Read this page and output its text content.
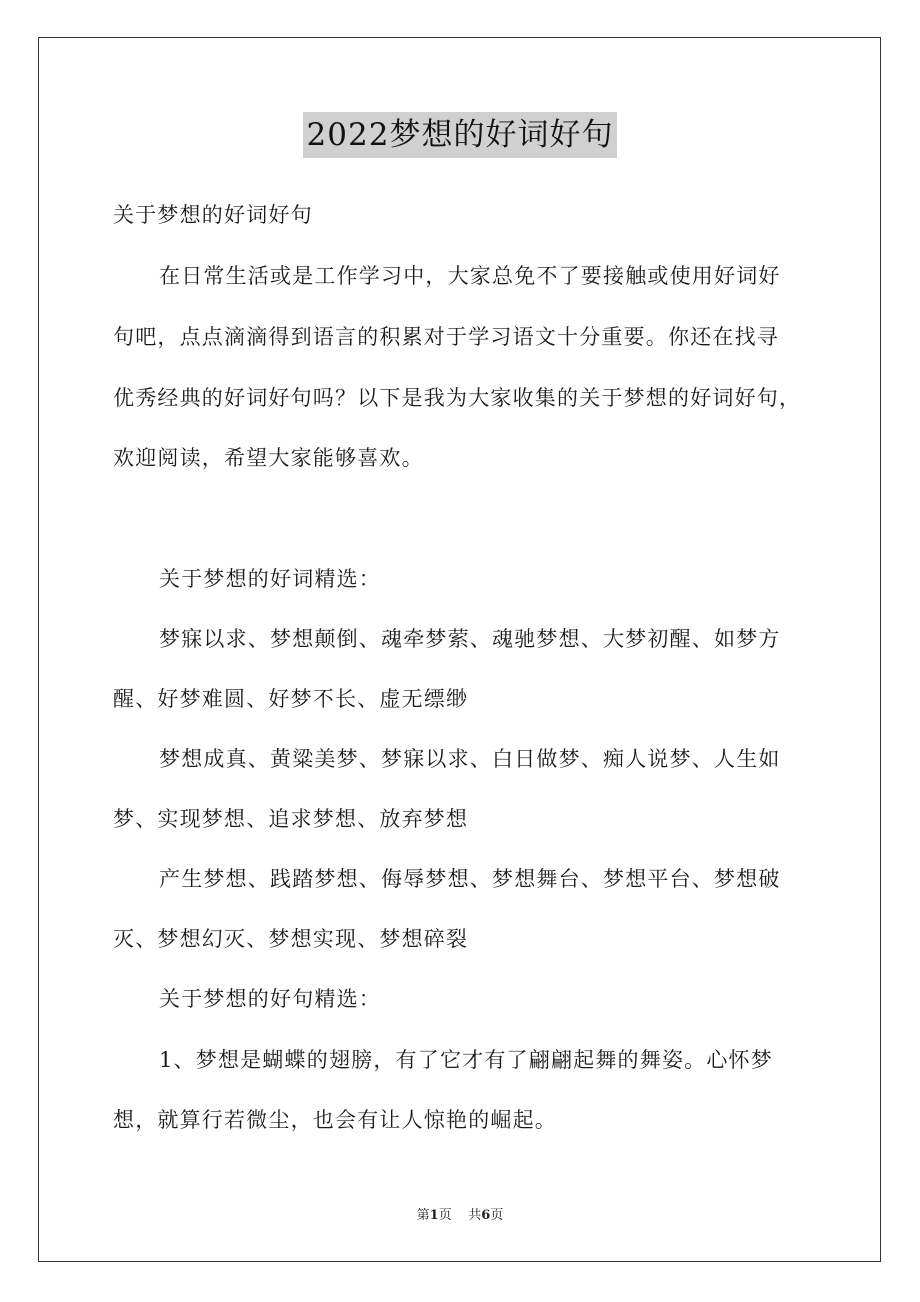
2022梦想的好词好句
关于梦想的好词好句
在日常生活或是工作学习中，大家总免不了要接触或使用好词好
句吧，点点滴滴得到语言的积累对于学习语文十分重要。你还在找寻
优秀经典的好词好句吗？以下是我为大家收集的关于梦想的好词好句，
欢迎阅读，希望大家能够喜欢。
关于梦想的好词精选：
梦寐以求、梦想颠倒、魂牵梦萦、魂驰梦想、大梦初醒、如梦方
醒、好梦难圆、好梦不长、虚无缥缈
梦想成真、黄粱美梦、梦寐以求、白日做梦、痴人说梦、人生如
梦、实现梦想、追求梦想、放弃梦想
产生梦想、践踏梦想、侮辱梦想、梦想舞台、梦想平台、梦想破
灭、梦想幻灭、梦想实现、梦想碎裂
关于梦想的好句精选：
1、梦想是蝴蝶的翅膀，有了它才有了翩翩起舞的舞姿。心怀梦
想，就算行若微尘，也会有让人惊艳的崛起。
第1页 共6页
